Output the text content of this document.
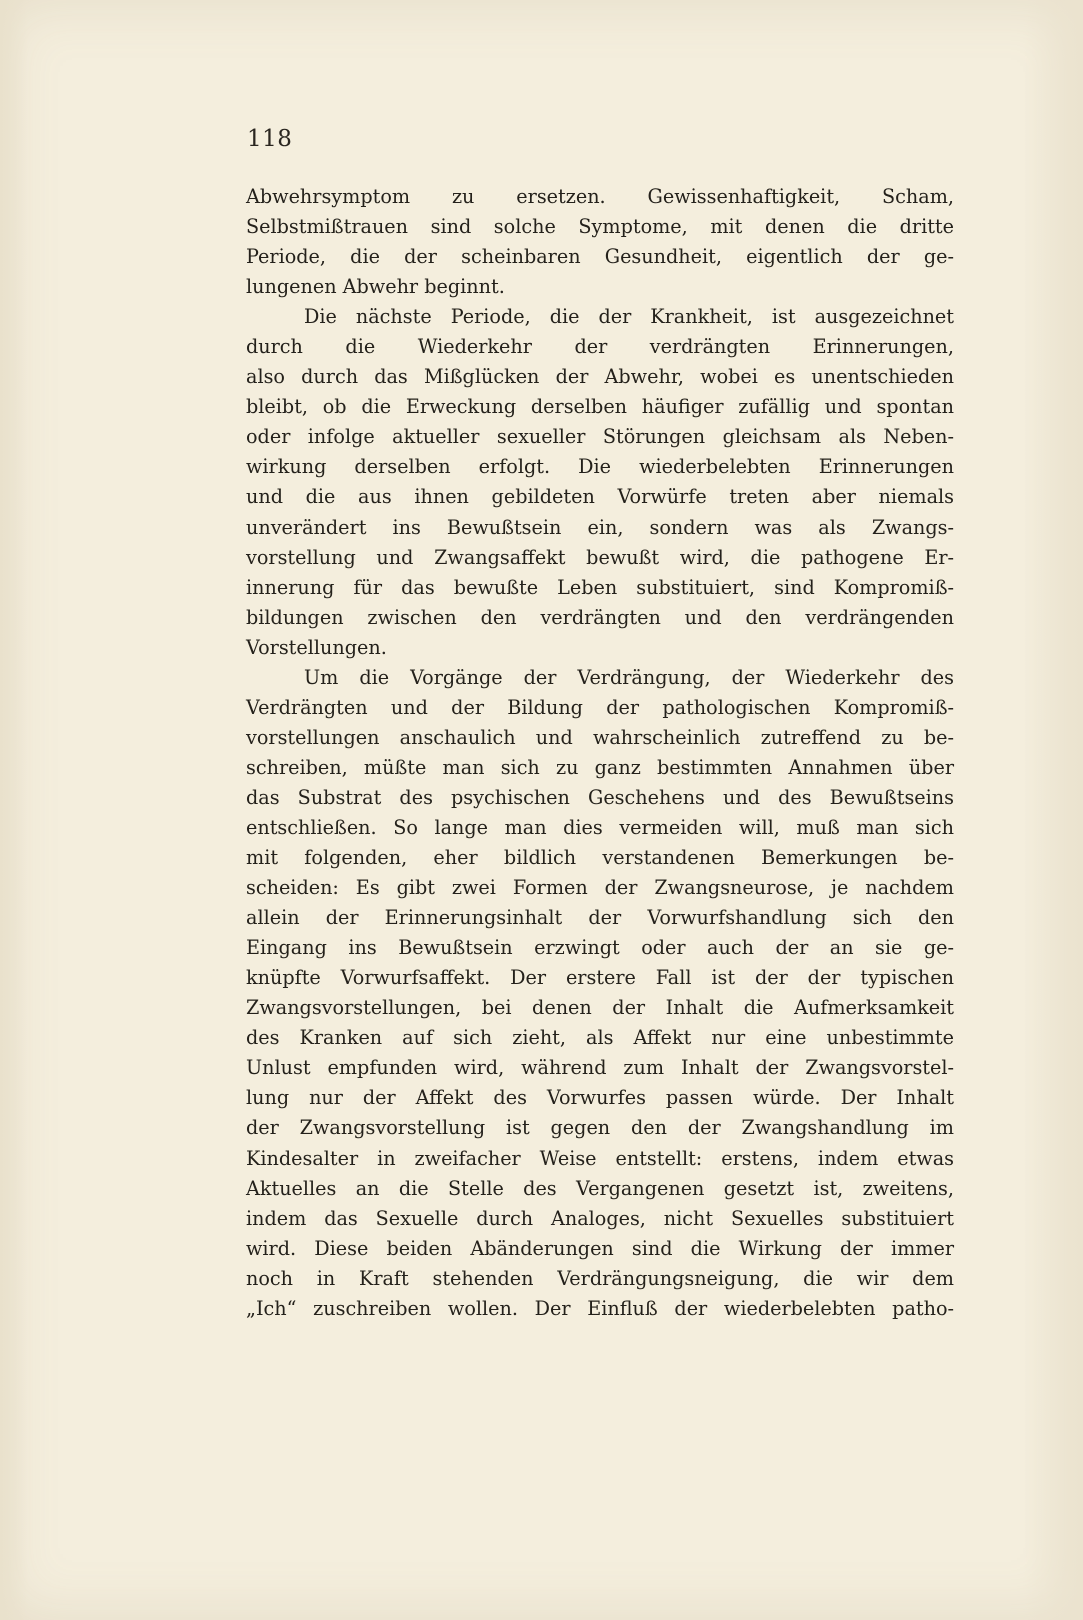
118
Abwehrsymptom zu ersetzen. Gewissenhaftigkeit, Scham,
Selbstmißtrauen sind solche Symptome, mit denen die dritte
Periode, die der scheinbaren Gesundheit, eigentlich der ge-
lungenen Abwehr beginnt.
Die nächste Periode, die der Krankheit, ist ausgezeichnet
durch die Wiederkehr der verdrängten Erinnerungen,
also durch das Mißglücken der Abwehr, wobei es unentschieden
bleibt, ob die Erweckung derselben häufiger zufällig und spontan
oder infolge aktueller sexueller Störungen gleichsam als Neben-
wirkung derselben erfolgt. Die wiederbelebten Erinnerungen
und die aus ihnen gebildeten Vorwürfe treten aber niemals
unverändert ins Bewußtsein ein, sondern was als Zwangs-
vorstellung und Zwangsaffekt bewußt wird, die pathogene Er-
innerung für das bewußte Leben substituiert, sind Kompromiß-
bildungen zwischen den verdrängten und den verdrängenden
Vorstellungen.
Um die Vorgänge der Verdrängung, der Wiederkehr des
Verdrängten und der Bildung der pathologischen Kompromiß-
vorstellungen anschaulich und wahrscheinlich zutreffend zu be-
schreiben, müßte man sich zu ganz bestimmten Annahmen über
das Substrat des psychischen Geschehens und des Bewußtseins
entschließen. So lange man dies vermeiden will, muß man sich
mit folgenden, eher bildlich verstandenen Bemerkungen be-
scheiden: Es gibt zwei Formen der Zwangsneurose, je nachdem
allein der Erinnerungsinhalt der Vorwurfshandlung sich den
Eingang ins Bewußtsein erzwingt oder auch der an sie ge-
knüpfte Vorwurfsaffekt. Der erstere Fall ist der der typischen
Zwangsvorstellungen, bei denen der Inhalt die Aufmerksamkeit
des Kranken auf sich zieht, als Affekt nur eine unbestimmte
Unlust empfunden wird, während zum Inhalt der Zwangsvorstel-
lung nur der Affekt des Vorwurfes passen würde. Der Inhalt
der Zwangsvorstellung ist gegen den der Zwangshandlung im
Kindesalter in zweifacher Weise entstellt: erstens, indem etwas
Aktuelles an die Stelle des Vergangenen gesetzt ist, zweitens,
indem das Sexuelle durch Analoges, nicht Sexuelles substituiert
wird. Diese beiden Abänderungen sind die Wirkung der immer
noch in Kraft stehenden Verdrängungsneigung, die wir dem
„Ich“ zuschreiben wollen. Der Einfluß der wiederbelebten patho-
